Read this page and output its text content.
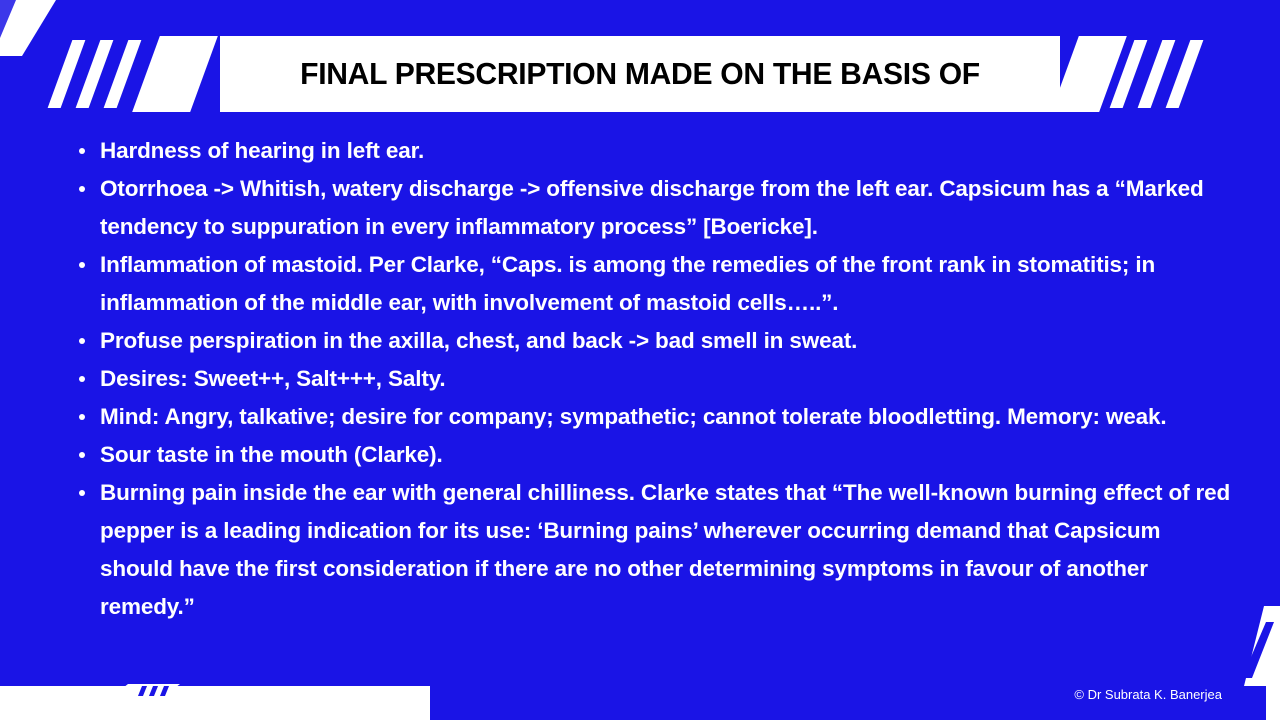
FINAL PRESCRIPTION MADE ON THE BASIS OF
Hardness of hearing in left ear.
Otorrhoea -> Whitish, watery discharge -> offensive discharge from the left ear. Capsicum has a “Marked tendency to suppuration in every inflammatory process” [Boericke].
Inflammation of mastoid. Per Clarke, “Caps. is among the remedies of the front rank in stomatitis; in inflammation of the middle ear, with involvement of mastoid cells…..”.
Profuse perspiration in the axilla, chest, and back -> bad smell in sweat.
Desires: Sweet++, Salt+++, Salty.
Mind: Angry, talkative; desire for company; sympathetic; cannot tolerate bloodletting. Memory: weak.
Sour taste in the mouth (Clarke).
Burning pain inside the ear with general chilliness. Clarke states that “The well-known burning effect of red pepper is a leading indication for its use: ‘Burning pains’ wherever occurring demand that Capsicum should have the first consideration if there are no other determining symptoms in favour of another remedy.”
© Dr Subrata K. Banerjea
